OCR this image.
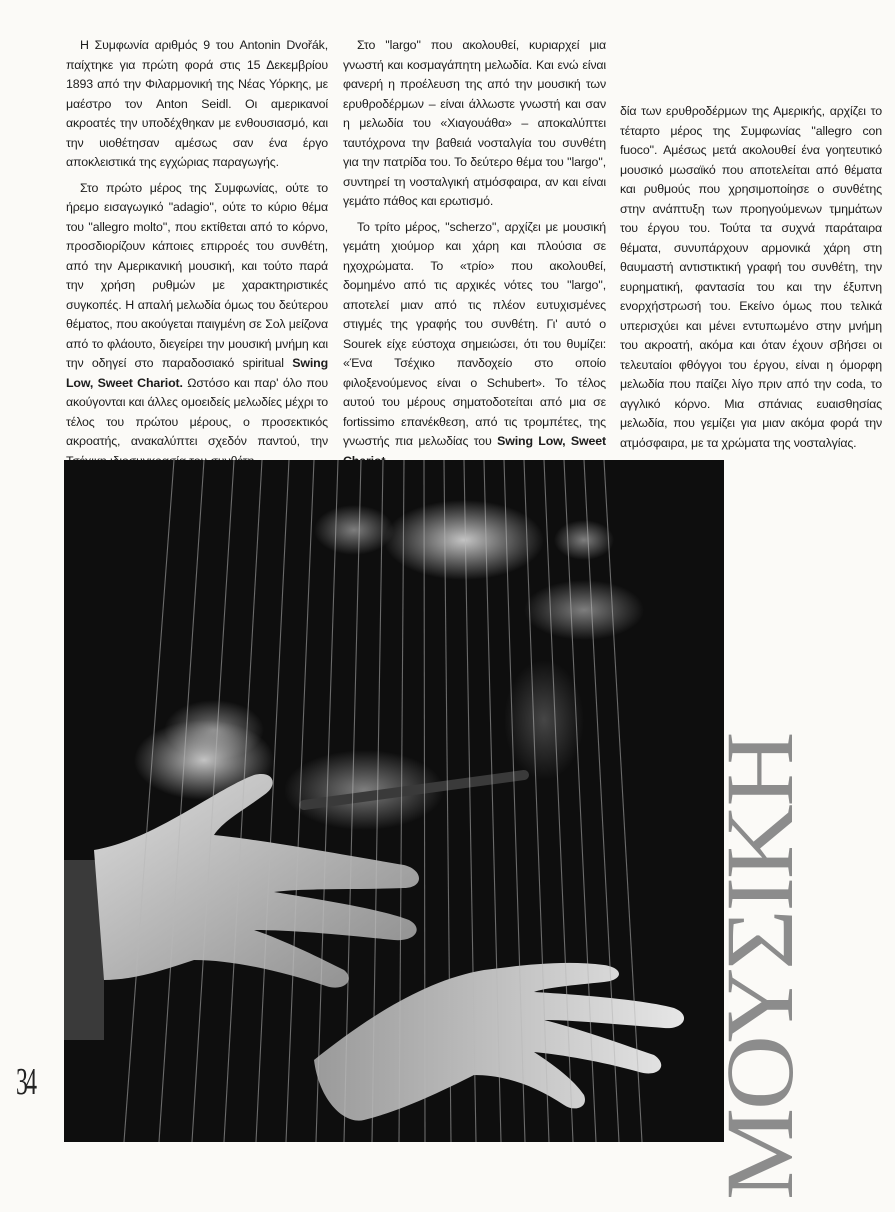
Η Συμφωνία αριθμός 9 του Antonin Dvořák, παίχτηκε για πρώτη φορά στις 15 Δεκεμβρίου 1893 από την Φιλαρμονική της Νέας Υόρκης, με μαέστρο τον Anton Seidl. Οι αμερικανοί ακροατές την υποδέχθηκαν με ενθουσιασμό, και την υιοθέτησαν αμέσως σαν ένα έργο αποκλειστικά της εγχώριας παραγωγής.

Στο πρώτο μέρος της Συμφωνίας, ούτε το ήρεμο εισαγωγικό ''adagio'', ούτε το κύριο θέμα του ''allegro molto'', που εκτίθεται από το κόρνο, προσδιορίζουν κάποιες επιρροές του συνθέτη, από την Αμερικανική μουσική, και τούτο παρά την χρήση ρυθμών με χαρακτηριστικές συγκοπές. Η απαλή μελωδία όμως του δεύτερου θέματος, που ακούγεται παιγμένη σε Σολ μείζονα από το φλάουτο, διεγείρει την μουσική μνήμη και την οδηγεί στο παραδοσιακό spiritual Swing Low, Sweet Chariot. Ωστόσο και παρ' όλο που ακούγονται και άλλες ομοειδείς μελωδίες μέχρι το τέλος του πρώτου μέρους, ο προσεκτικός ακροατής, ανακαλύπτει σχεδόν παντού, την

Στο ''largo'' που ακολουθεί, κυριαρχεί μια γνωστή και κοσμαγάπητη μελωδία. Και ενώ είναι φανερή η προέλευση της από την μουσική των ερυθροδέρμων – είναι άλλωστε γνωστή και σαν η μελωδία του «Χιαγουάθα» – αποκαλύπτει ταυτόχρονα την βαθειά νοσταλγία του συνθέτη για την πατρίδα του. Το δεύτερο θέμα του ''largo'', συντηρεί τη νοσταλγική ατμόσφαιρα, αν και είναι γεμάτο πάθος και ερωτισμό.

Το τρίτο μέρος, ''scherzo'', αρχίζει με μουσική γεμάτη χιούμορ και χάρη και πλούσια σε ηχοχρώματα. Το «τρίο» που ακολουθεί, δομημένο από τις αρχικές νότες του ''largo'', αποτελεί μιαν από τις πλέον ευτυχισμένες στιγμές της γραφής του συνθέτη. Γι' αυτό ο Sourek είχε εύστοχα σημειώσει, ότι του θυμίζει: «Ένα Τσέχικο πανδοχείο στο οποίο φιλοξενούμενος είναι ο Schubert». Το τέλος αυτού του μέρους σηματοδοτείται από μια σε fortissimo επανέκθεση, από τις τρομπέτες, της γνωστής πια μελωδίας του Swing Low, Sweet

δία των ερυθροδέρμων της Αμερικής, αρχίζει το τέταρτο μέρος της Συμφωνίας ''allegro con fuoco''. Αμέσως μετά ακολουθεί ένα γοητευτικό μουσικό μωσαϊκό που αποτελείται από θέματα και ρυθμούς που χρησιμοποίησε ο συνθέτης στην ανάπτυξη των προηγούμενων τμημάτων του έργου του. Τούτα τα συχνά παράταιρα θέματα, συνυπάρχουν αρμονικά χάρη στη θαυμαστή αντιστικτική γραφή του συνθέτη, την ευρηματική, φαντασία του και την έξυπνη ενορχήστρωσή του. Εκείνο όμως που τελικά υπερισχύει και μένει εντυπωμένο στην μνήμη του ακροατή, ακόμα και όταν έχουν σβήσει οι τελευταίοι φθόγγοι του έργου, είναι η όμορφη μελωδία που παίζει λίγο πριν από την coda, το αγγλικό κόρνο. Μια σπάνιας ευαισθησίας μελωδία, που γεμίζει για μιαν ακόμα φορά την ατμόσφαιρα, με τα χρώματα της νοσταλγίας.

34	ΜΟΥΣΙΚΗ
